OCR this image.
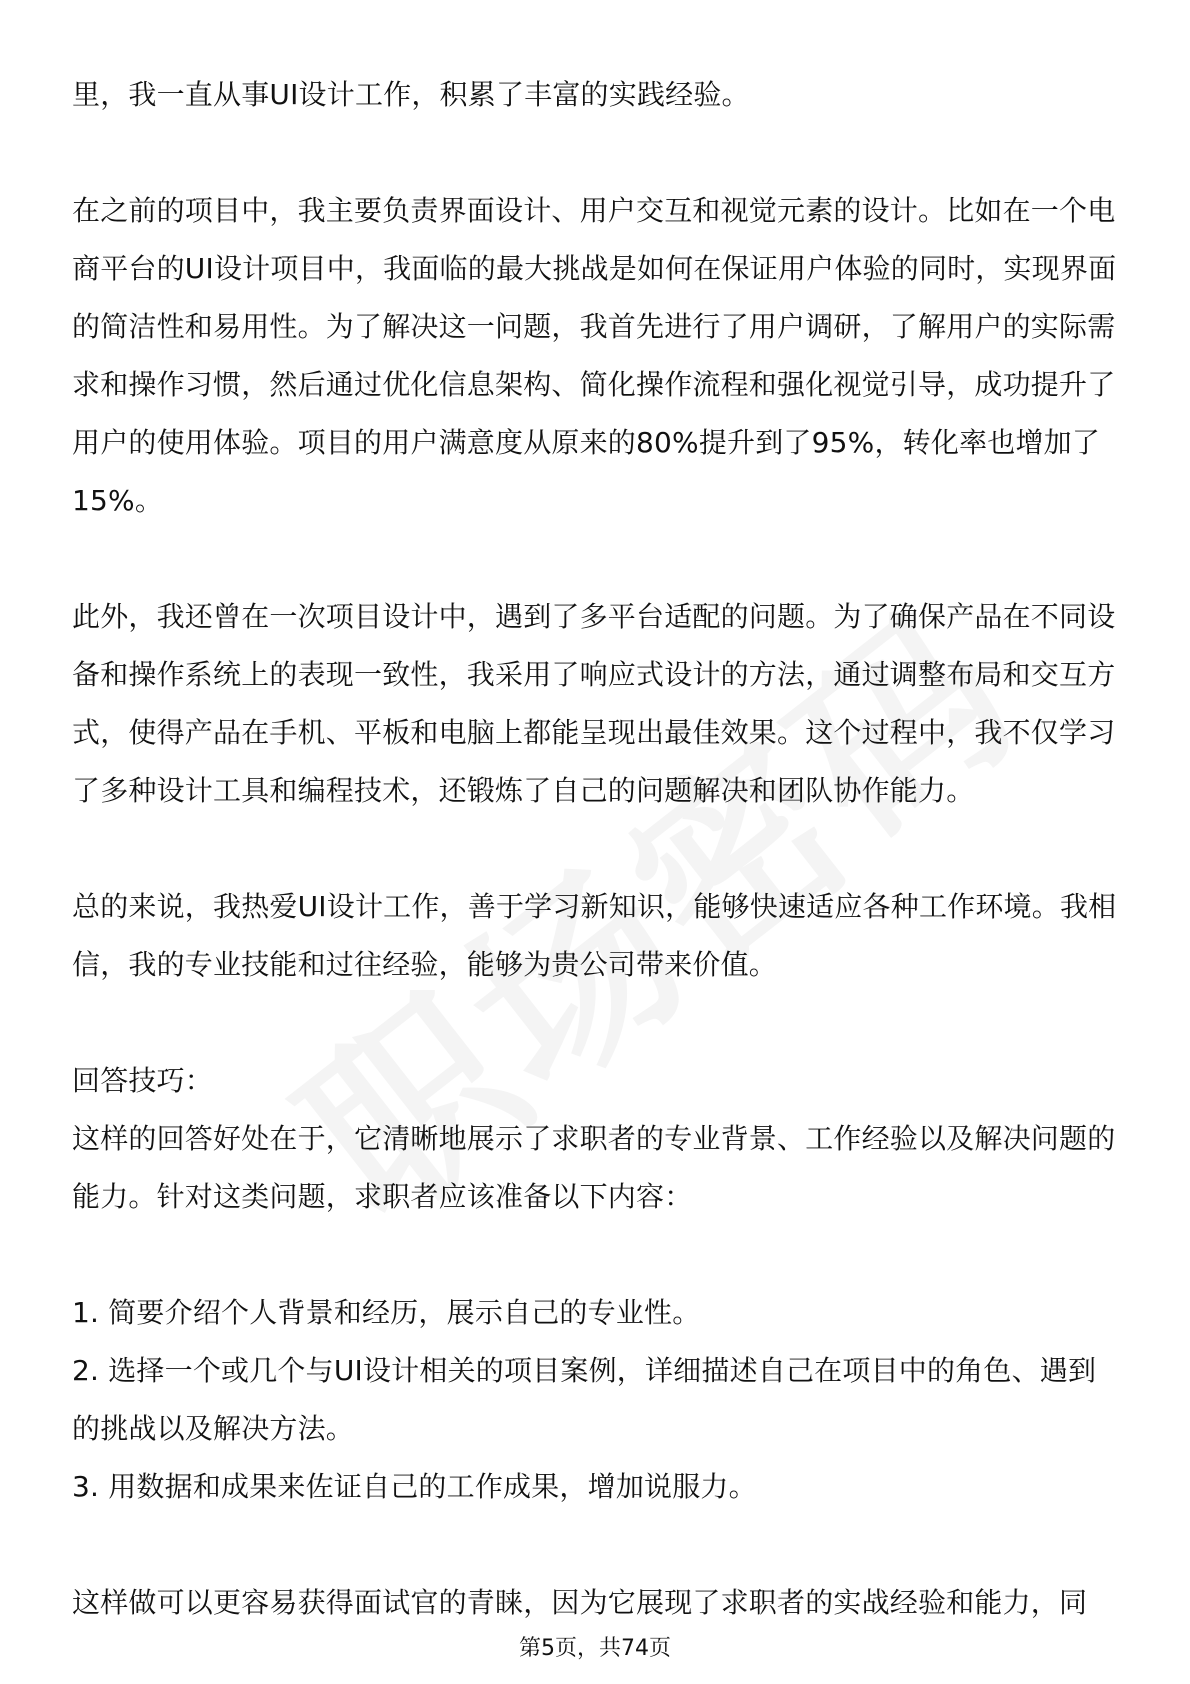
里，我一直从事UI设计工作，积累了丰富的实践经验。

在之前的项目中，我主要负责界面设计、用户交互和视觉元素的设计。比如在一个电商平台的UI设计项目中，我面临的最大挑战是如何在保证用户体验的同时，实现界面的简洁性和易用性。为了解决这一问题，我首先进行了用户调研，了解用户的实际需求和操作习惯，然后通过优化信息架构、简化操作流程和强化视觉引导，成功提升了用户的使用体验。项目的用户满意度从原来的80%提升到了95%，转化率也增加了15%。

此外，我还曾在一次项目设计中，遇到了多平台适配的问题。为了确保产品在不同设备和操作系统上的表现一致性，我采用了响应式设计的方法，通过调整布局和交互方式，使得产品在手机、平板和电脑上都能呈现出最佳效果。这个过程中，我不仅学习了多种设计工具和编程技术，还锻炼了自己的问题解决和团队协作能力。

总的来说，我热爱UI设计工作，善于学习新知识，能够快速适应各种工作环境。我相信，我的专业技能和过往经验，能够为贵公司带来价值。

回答技巧：

这样的回答好处在于，它清晰地展示了求职者的专业背景、工作经验以及解决问题的能力。针对这类问题，求职者应该准备以下内容：

1. 简要介绍个人背景和经历，展示自己的专业性。

2. 选择一个或几个与UI设计相关的项目案例，详细描述自己在项目中的角色、遇到的挑战以及解决方法。

3. 用数据和成果来佐证自己的工作成果，增加说服力。

这样做可以更容易获得面试官的青睐，因为它展现了求职者的实战经验和能力，同

第5页，共74页
